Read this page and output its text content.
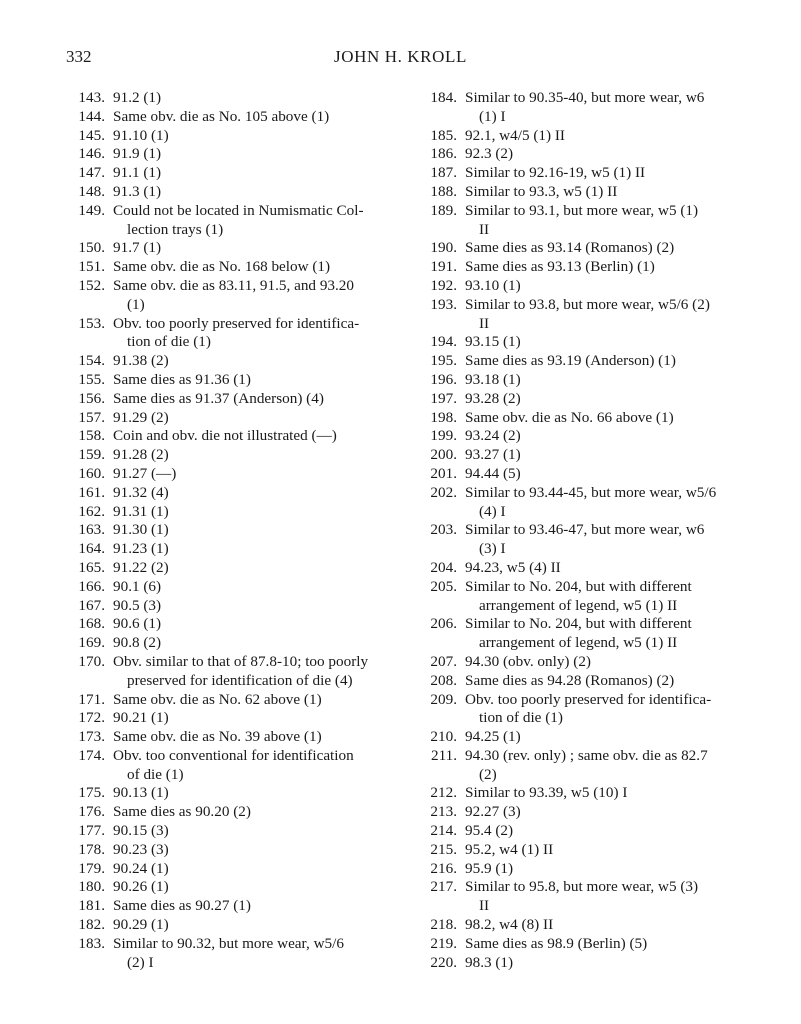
332	JOHN H. KROLL
143. 91.2 (1)
144. Same obv. die as No. 105 above (1)
145. 91.10 (1)
146. 91.9 (1)
147. 91.1 (1)
148. 91.3 (1)
149. Could not be located in Numismatic Col-
lection trays (1)
150. 91.7 (1)
151. Same obv. die as No. 168 below (1)
152. Same obv. die as 83.11, 91.5, and 93.20
(1)
153. Obv. too poorly preserved for identifica-
tion of die (1)
154. 91.38 (2)
155. Same dies as 91.36 (1)
156. Same dies as 91.37 (Anderson) (4)
157. 91.29 (2)
158. Coin and obv. die not illustrated (—)
159. 91.28 (2)
160. 91.27 (—)
161. 91.32 (4)
162. 91.31 (1)
163. 91.30 (1)
164. 91.23 (1)
165. 91.22 (2)
166. 90.1 (6)
167. 90.5 (3)
168. 90.6 (1)
169. 90.8 (2)
170. Obv. similar to that of 87.8-10; too poorly
preserved for identification of die (4)
171. Same obv. die as No. 62 above (1)
172. 90.21 (1)
173. Same obv. die as No. 39 above (1)
174. Obv. too conventional for identification
of die (1)
175. 90.13 (1)
176. Same dies as 90.20 (2)
177. 90.15 (3)
178. 90.23 (3)
179. 90.24 (1)
180. 90.26 (1)
181. Same dies as 90.27 (1)
182. 90.29 (1)
183. Similar to 90.32, but more wear, w5/6
(2) I
184. Similar to 90.35-40, but more wear, w6
(1) I
185. 92.1, w4/5 (1) II
186. 92.3 (2)
187. Similar to 92.16-19, w5 (1) II
188. Similar to 93.3, w5 (1) II
189. Similar to 93.1, but more wear, w5 (1)
II
190. Same dies as 93.14 (Romanos) (2)
191. Same dies as 93.13 (Berlin) (1)
192. 93.10 (1)
193. Similar to 93.8, but more wear, w5/6 (2)
II
194. 93.15 (1)
195. Same dies as 93.19 (Anderson) (1)
196. 93.18 (1)
197. 93.28 (2)
198. Same obv. die as No. 66 above (1)
199. 93.24 (2)
200. 93.27 (1)
201. 94.44 (5)
202. Similar to 93.44-45, but more wear, w5/6
(4) I
203. Similar to 93.46-47, but more wear, w6
(3) I
204. 94.23, w5 (4) II
205. Similar to No. 204, but with different
arrangement of legend, w5 (1) II
206. Similar to No. 204, but with different
arrangement of legend, w5 (1) II
207. 94.30 (obv. only) (2)
208. Same dies as 94.28 (Romanos) (2)
209. Obv. too poorly preserved for identifica-
tion of die (1)
210. 94.25 (1)
211. 94.30 (rev. only) ; same obv. die as 82.7
(2)
212. Similar to 93.39, w5 (10) I
213. 92.27 (3)
214. 95.4 (2)
215. 95.2, w4 (1) II
216. 95.9 (1)
217. Similar to 95.8, but more wear, w5 (3)
II
218. 98.2, w4 (8) II
219. Same dies as 98.9 (Berlin) (5)
220. 98.3 (1)
